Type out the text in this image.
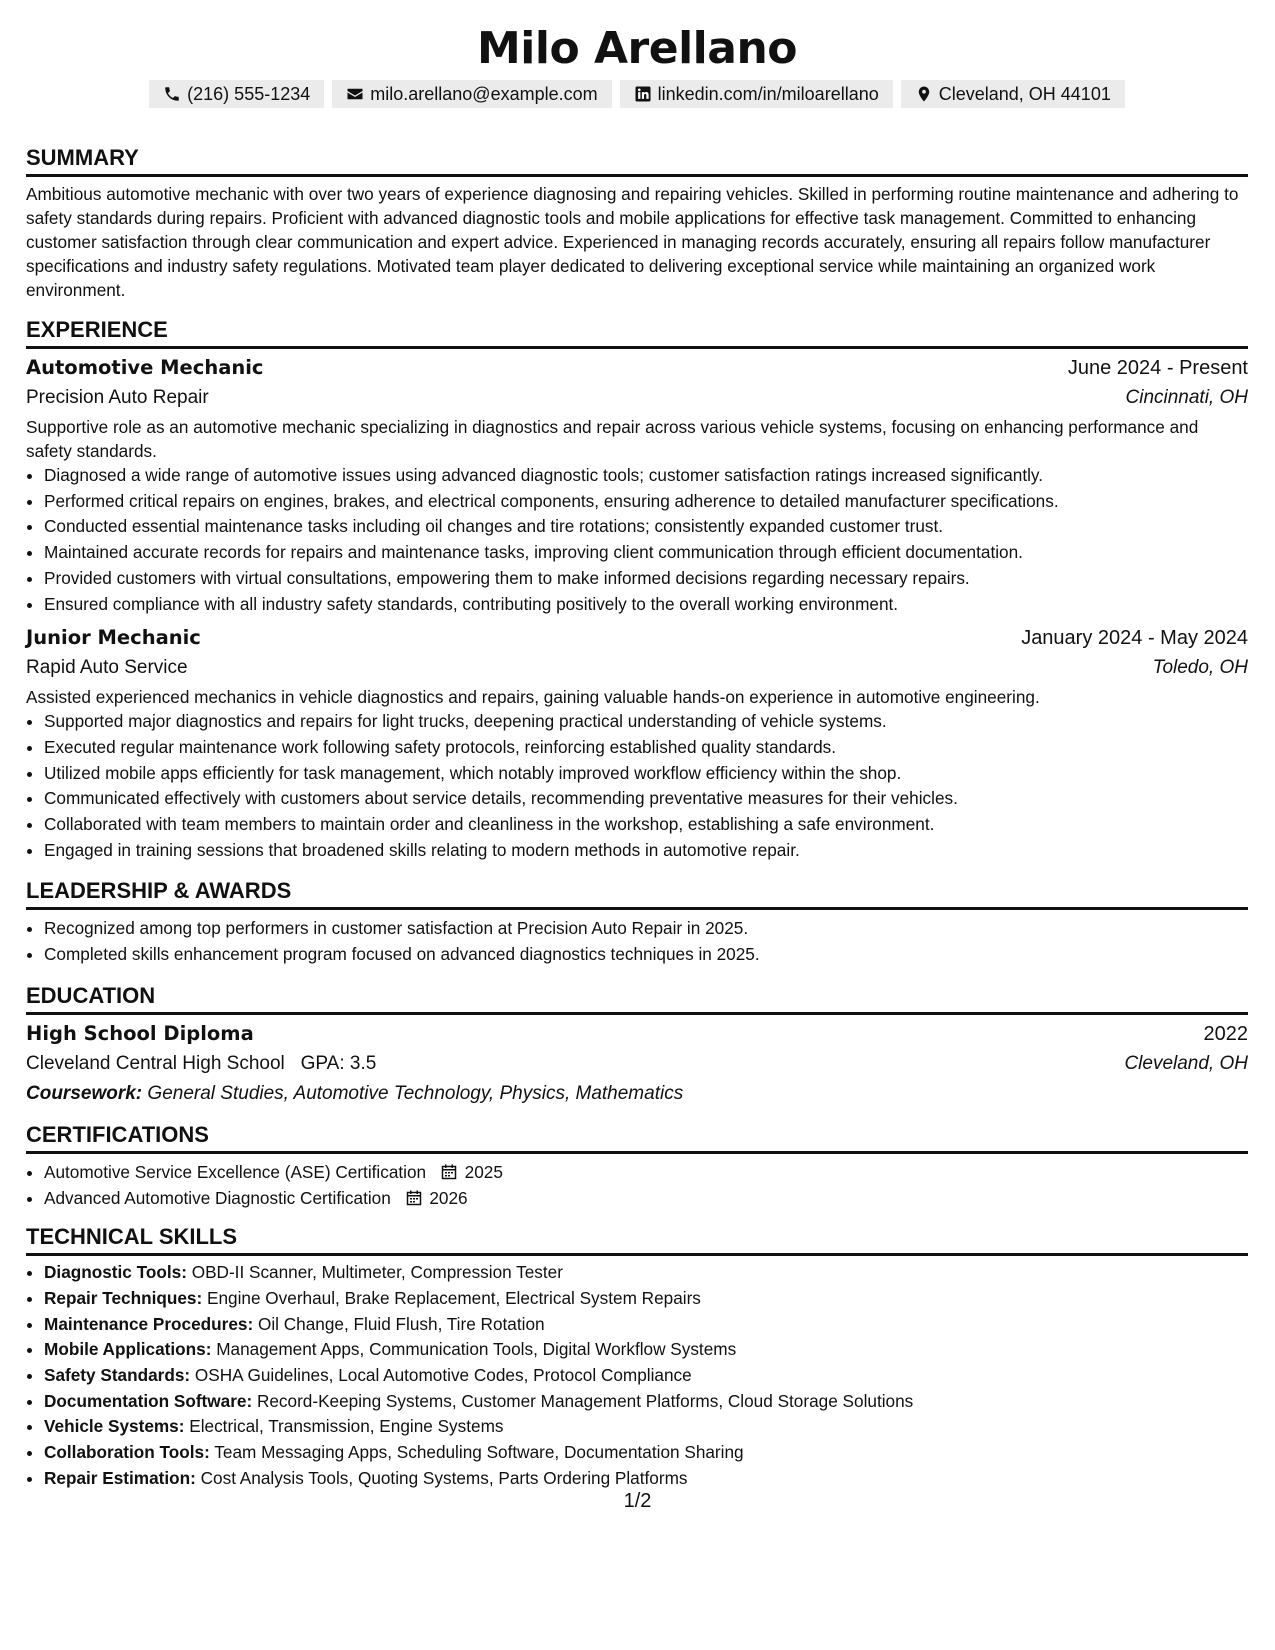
Milo Arellano
(216) 555-1234	milo.arellano@example.com	linkedin.com/in/miloarellano	Cleveland, OH 44101
SUMMARY

Ambitious automotive mechanic with over two years of experience diagnosing and repairing vehicles. Skilled in performing routine maintenance and adhering to safety standards during repairs. Proficient with advanced diagnostic tools and mobile applications for effective task management. Committed to enhancing customer satisfaction through clear communication and expert advice. Experienced in managing records accurately, ensuring all repairs follow manufacturer specifications and industry safety regulations. Motivated team player dedicated to delivering exceptional service while maintaining an organized work environment.

EXPERIENCE
Automotive Mechanic	June 2024 - Present
Precision Auto Repair	Cincinnati, OH

Supportive role as an automotive mechanic specializing in diagnostics and repair across various vehicle systems, focusing on enhancing performance and safety standards.

• Diagnosed a wide range of automotive issues using advanced diagnostic tools; customer satisfaction ratings increased significantly.
• Performed critical repairs on engines, brakes, and electrical components, ensuring adherence to detailed manufacturer specifications.
• Conducted essential maintenance tasks including oil changes and tire rotations; consistently expanded customer trust.
• Maintained accurate records for repairs and maintenance tasks, improving client communication through efficient documentation.
• Provided customers with virtual consultations, empowering them to make informed decisions regarding necessary repairs.
• Ensured compliance with all industry safety standards, contributing positively to the overall working environment.
Junior Mechanic	January 2024 - May 2024
Rapid Auto Service	Toledo, OH

Assisted experienced mechanics in vehicle diagnostics and repairs, gaining valuable hands-on experience in automotive engineering.

• Supported major diagnostics and repairs for light trucks, deepening practical understanding of vehicle systems.
• Executed regular maintenance work following safety protocols, reinforcing established quality standards.
• Utilized mobile apps efficiently for task management, which notably improved workflow efficiency within the shop.
• Communicated effectively with customers about service details, recommending preventative measures for their vehicles.
• Collaborated with team members to maintain order and cleanliness in the workshop, establishing a safe environment.
• Engaged in training sessions that broadened skills relating to modern methods in automotive repair.
LEADERSHIP & AWARDS
• Recognized among top performers in customer satisfaction at Precision Auto Repair in 2025.
• Completed skills enhancement program focused on advanced diagnostics techniques in 2025.
EDUCATION
High School Diploma	2022
Cleveland Central High School GPA: 3.5	Cleveland, OH
Coursework: General Studies, Automotive Technology, Physics, Mathematics
CERTIFICATIONS
• Automotive Service Excellence (ASE) Certification 2025
• Advanced Automotive Diagnostic Certification 2026
TECHNICAL SKILLS
• Diagnostic Tools: OBD-II Scanner, Multimeter, Compression Tester
• Repair Techniques: Engine Overhaul, Brake Replacement, Electrical System Repairs
• Maintenance Procedures: Oil Change, Fluid Flush, Tire Rotation
• Mobile Applications: Management Apps, Communication Tools, Digital Workflow Systems
• Safety Standards: OSHA Guidelines, Local Automotive Codes, Protocol Compliance
• Documentation Software: Record-Keeping Systems, Customer Management Platforms, Cloud Storage Solutions
• Vehicle Systems: Electrical, Transmission, Engine Systems
• Collaboration Tools: Team Messaging Apps, Scheduling Software, Documentation Sharing
• Repair Estimation: Cost Analysis Tools, Quoting Systems, Parts Ordering Platforms
1/2
